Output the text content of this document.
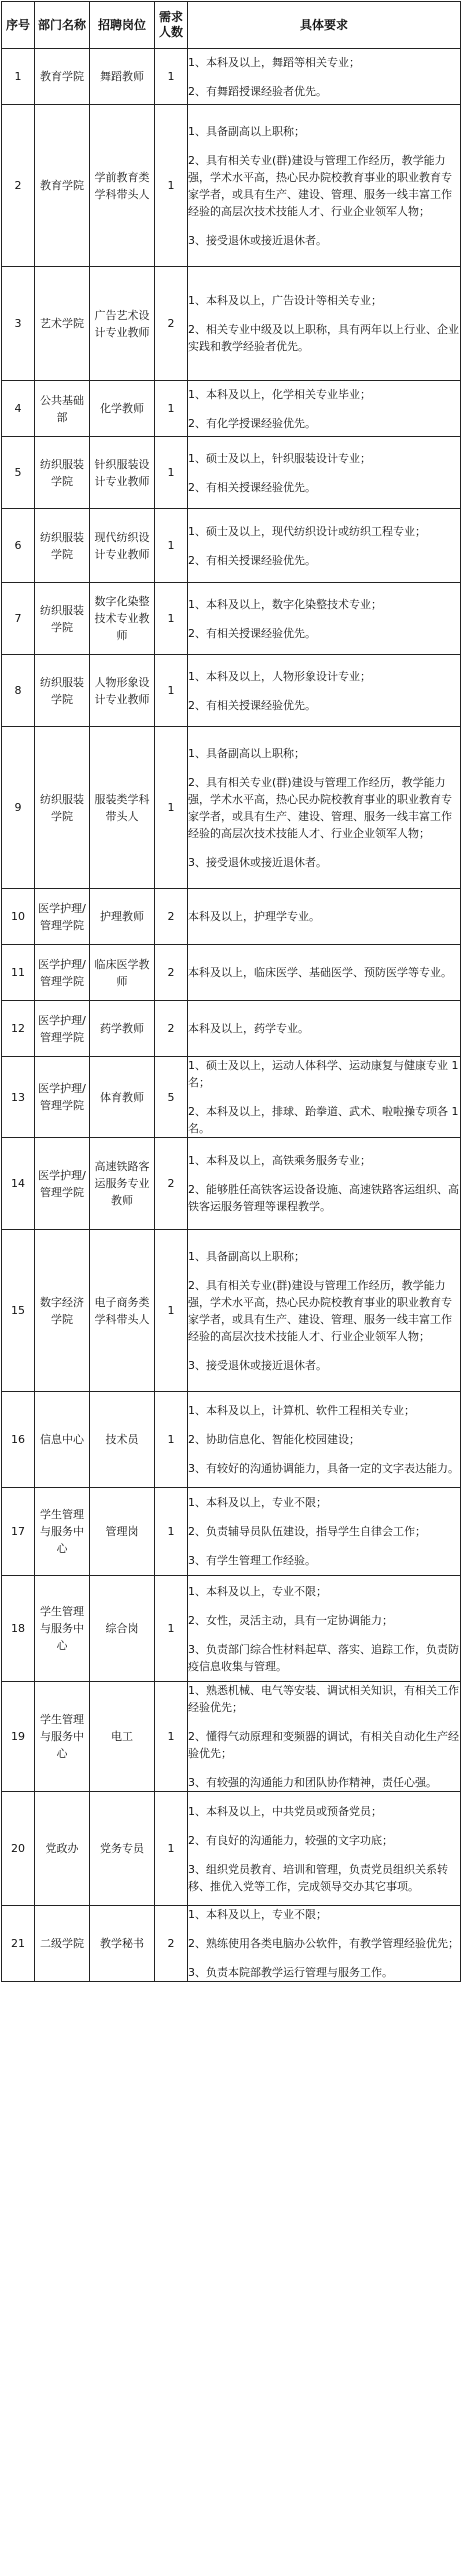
序号	部门名称	招聘岗位	需求人数	具体要求
1	教育学院	舞蹈教师	1	1、本科及以上，舞蹈等相关专业；

2、有舞蹈授课经验者优先。

2	教育学院	学前教育类学科带头人	1	1、具备副高以上职称；

2、具有相关专业(群)建设与管理工作经历，教学能力强，学术水平高，热心民办院校教育事业的职业教育专家学者，或具有生产、建设、管理、服务一线丰富工作经验的高层次技术技能人才、行业企业领军人物；

3、接受退休或接近退休者。

3	艺术学院	广告艺术设计专业教师	2	1、本科及以上，广告设计等相关专业；

2、相关专业中级及以上职称，具有两年以上行业、企业实践和教学经验者优先。

4	公共基础部	化学教师	1	1、本科及以上，化学相关专业毕业；

2、有化学授课经验优先。

5	纺织服装学院	针织服装设计专业教师	1	1、硕士及以上，针织服装设计专业；

2、有相关授课经验优先。

6	纺织服装学院	现代纺织设计专业教师	1	1、硕士及以上，现代纺织设计或纺织工程专业；

2、有相关授课经验优先。

7	纺织服装学院	数字化染整技术专业教师	1	1、本科及以上，数字化染整技术专业；

2、有相关授课经验优先。

8	纺织服装学院	人物形象设计专业教师	1	1、本科及以上，人物形象设计专业；

2、有相关授课经验优先。

9	纺织服装学院	服装类学科带头人	1	1、具备副高以上职称；

2、具有相关专业(群)建设与管理工作经历，教学能力强，学术水平高，热心民办院校教育事业的职业教育专家学者，或具有生产、建设、管理、服务一线丰富工作经验的高层次技术技能人才、行业企业领军人物；

3、接受退休或接近退休者。

10	医学护理/管理学院	护理教师	2	本科及以上，护理学专业。

11	医学护理/管理学院	临床医学教师	2	本科及以上，临床医学、基础医学、预防医学等专业。

12	医学护理/管理学院	药学教师	2	本科及以上，药学专业。

13	医学护理/管理学院	体育教师	5	1、硕士及以上，运动人体科学、运动康复与健康专业 1 名；

2、本科及以上，排球、跆拳道、武术、啦啦操专项各 1 名。

14	医学护理/管理学院	高速铁路客运服务专业教师	2	1、本科及以上，高铁乘务服务专业；

2、能够胜任高铁客运设备设施、高速铁路客运组织、高铁客运服务管理等课程教学。

15	数字经济学院	电子商务类学科带头人	1	1、具备副高以上职称；

2、具有相关专业(群)建设与管理工作经历，教学能力强，学术水平高，热心民办院校教育事业的职业教育专家学者，或具有生产、建设、管理、服务一线丰富工作经验的高层次技术技能人才、行业企业领军人物；

3、接受退休或接近退休者。

16	信息中心	技术员	1	1、本科及以上，计算机、软件工程相关专业；

2、协助信息化、智能化校园建设；

3、有较好的沟通协调能力，具备一定的文字表达能力。

17	学生管理与服务中心	管理岗	1	1、本科及以上，专业不限；

2、负责辅导员队伍建设，指导学生自律会工作；

3、有学生管理工作经验。

18	学生管理与服务中心	综合岗	1	1、本科及以上，专业不限；

2、女性，灵活主动，具有一定协调能力；

3、负责部门综合性材料起草、落实、追踪工作，负责防疫信息收集与管理。

19	学生管理与服务中心	电工	1	1、熟悉机械、电气等安装、调试相关知识，有相关工作经验优先；

2、懂得气动原理和变频器的调试，有相关自动化生产经验优先；

3、有较强的沟通能力和团队协作精神，责任心强。

20	党政办	党务专员	1	1、本科及以上，中共党员或预备党员；

2、有良好的沟通能力，较强的文字功底；

3、组织党员教育、培训和管理，负责党员组织关系转移、推优入党等工作，完成领导交办其它事项。

21	二级学院	教学秘书	2	1、本科及以上，专业不限；

2、熟练使用各类电脑办公软件，有教学管理经验优先；

3、负责本院部教学运行管理与服务工作。
